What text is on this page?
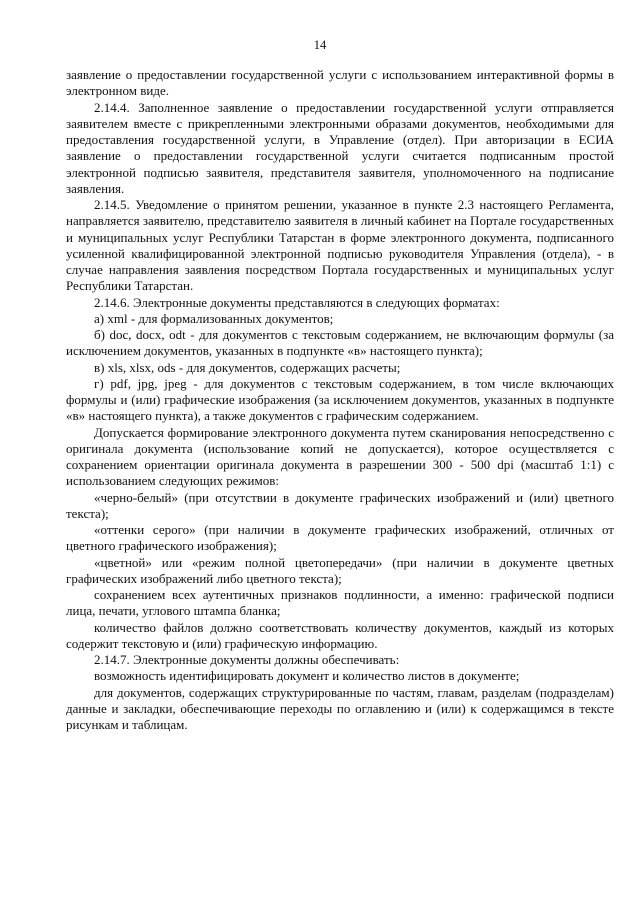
14

заявление о предоставлении государственной услуги с использованием интерактивной формы в электронном виде.

2.14.4. Заполненное заявление о предоставлении государственной услуги отправляется заявителем вместе с прикрепленными электронными образами документов, необходимыми для предоставления государственной услуги, в Управление (отдел). При авторизации в ЕСИА заявление о предоставлении государственной услуги считается подписанным простой электронной подписью заявителя, представителя заявителя, уполномоченного на подписание заявления.

2.14.5. Уведомление о принятом решении, указанное в пункте 2.3 настоящего Регламента, направляется заявителю, представителю заявителя в личный кабинет на Портале государственных и муниципальных услуг Республики Татарстан в форме электронного документа, подписанного усиленной квалифицированной электронной подписью руководителя Управления (отдела), - в случае направления заявления посредством Портала государственных и муниципальных услуг Республики Татарстан.

2.14.6. Электронные документы представляются в следующих форматах:

а) xml - для формализованных документов;

б) doc, docx, odt - для документов с текстовым содержанием, не включающим формулы (за исключением документов, указанных в подпункте «в» настоящего пункта);

в) xls, xlsx, ods - для документов, содержащих расчеты;

г) pdf, jpg, jpeg - для документов с текстовым содержанием, в том числе включающих формулы и (или) графические изображения (за исключением документов, указанных в подпункте «в» настоящего пункта), а также документов с графическим содержанием.

Допускается формирование электронного документа путем сканирования непосредственно с оригинала документа (использование копий не допускается), которое осуществляется с сохранением ориентации оригинала документа в разрешении 300 - 500 dpi (масштаб 1:1) с использованием следующих режимов:

«черно-белый» (при отсутствии в документе графических изображений и (или) цветного текста);

«оттенки серого» (при наличии в документе графических изображений, отличных от цветного графического изображения);

«цветной» или «режим полной цветопередачи» (при наличии в документе цветных графических изображений либо цветного текста);

сохранением всех аутентичных признаков подлинности, а именно: графической подписи лица, печати, углового штампа бланка;

количество файлов должно соответствовать количеству документов, каждый из которых содержит текстовую и (или) графическую информацию.

2.14.7. Электронные документы должны обеспечивать:

возможность идентифицировать документ и количество листов в документе;

для документов, содержащих структурированные по частям, главам, разделам (подразделам) данные и закладки, обеспечивающие переходы по оглавлению и (или) к содержащимся в тексте рисункам и таблицам.
